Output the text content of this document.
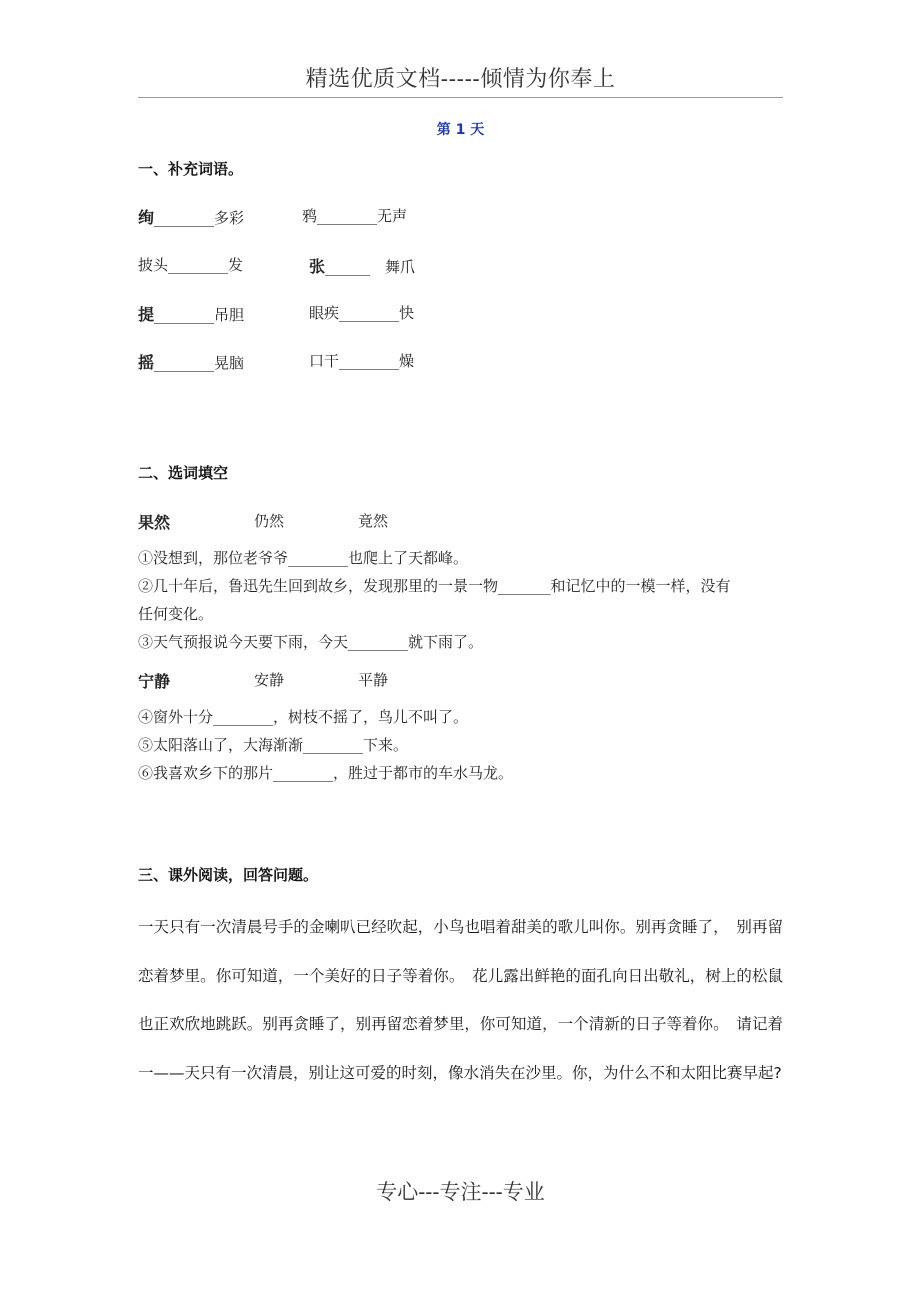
精选优质文档-----倾情为你奉上
第 1 天
一、补充词语。
绚________多彩	鸦________无声
披头________发	张______　舞爪
提________吊胆	眼疾________快
摇________晃脑	口干________燥
二、选词填空
果然	仍然	竟然
①没想到，那位老爷爷________也爬上了天都峰。
②几十年后，鲁迅先生回到故乡，发现那里的一景一物_______和记忆中的一模一样，没有
任何变化。
③天气预报说今天要下雨，今天________就下雨了。
宁静	安静	平静
④窗外十分________，树枝不摇了，鸟儿不叫了。
⑤太阳落山了，大海渐渐________下来。
⑥我喜欢乡下的那片________，胜过于都市的车水马龙。
三、课外阅读，回答问题。
一天只有一次清晨号手的金喇叭已经吹起，小鸟也唱着甜美的歌儿叫你。别再贪睡了，　别再留恋着梦里。你可知道，一个美好的日子等着你。　花儿露出鲜艳的面孔向日出敬礼，树上的松鼠也正欢欣地跳跃。别再贪睡了，别再留恋着梦里，你可知道，一个清新的日子等着你。　请记着一——天只有一次清晨，别让这可爱的时刻，像水消失在沙里。你，为什么不和太阳比赛早起?
专心---专注---专业
